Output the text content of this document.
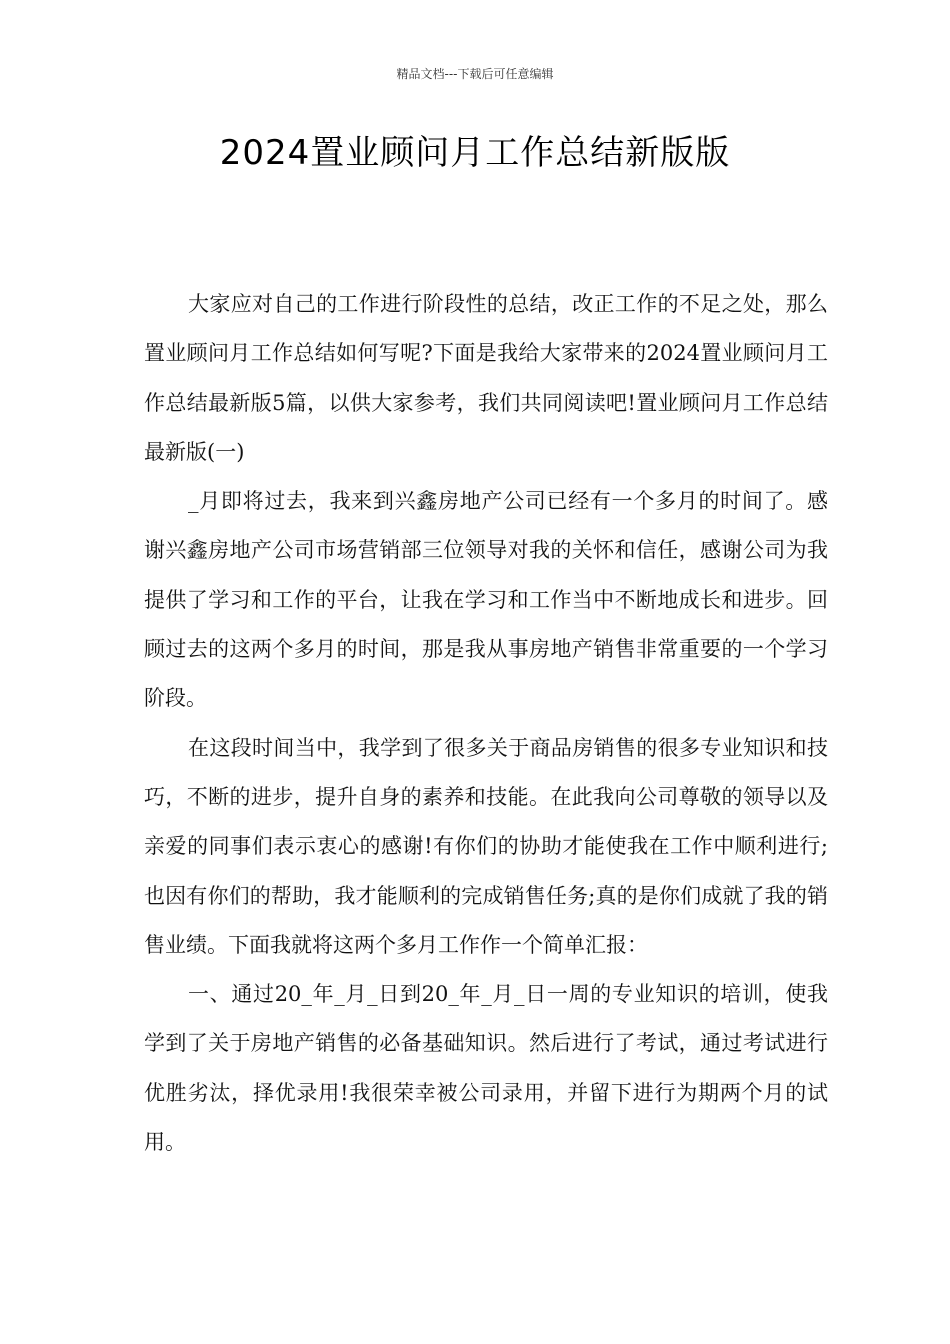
精品文档---下载后可任意编辑
2024置业顾问月工作总结新版版

大家应对自己的工作进行阶段性的总结，改正工作的不足之处，那么置业顾问月工作总结如何写呢?下面是我给大家带来的2024置业顾问月工作总结最新版5篇，以供大家参考，我们共同阅读吧!置业顾问月工作总结最新版(一)

_月即将过去，我来到兴鑫房地产公司已经有一个多月的时间了。感谢兴鑫房地产公司市场营销部三位领导对我的关怀和信任，感谢公司为我提供了学习和工作的平台，让我在学习和工作当中不断地成长和进步。回顾过去的这两个多月的时间，那是我从事房地产销售非常重要的一个学习阶段。

在这段时间当中，我学到了很多关于商品房销售的很多专业知识和技巧，不断的进步，提升自身的素养和技能。在此我向公司尊敬的领导以及亲爱的同事们表示衷心的感谢!有你们的协助才能使我在工作中顺利进行;也因有你们的帮助，我才能顺利的完成销售任务;真的是你们成就了我的销售业绩。下面我就将这两个多月工作作一个简单汇报：

一、通过20_年_月_日到20_年_月_日一周的专业知识的培训，使我学到了关于房地产销售的必备基础知识。然后进行了考试，通过考试进行优胜劣汰，择优录用!我很荣幸被公司录用，并留下进行为期两个月的试用。
